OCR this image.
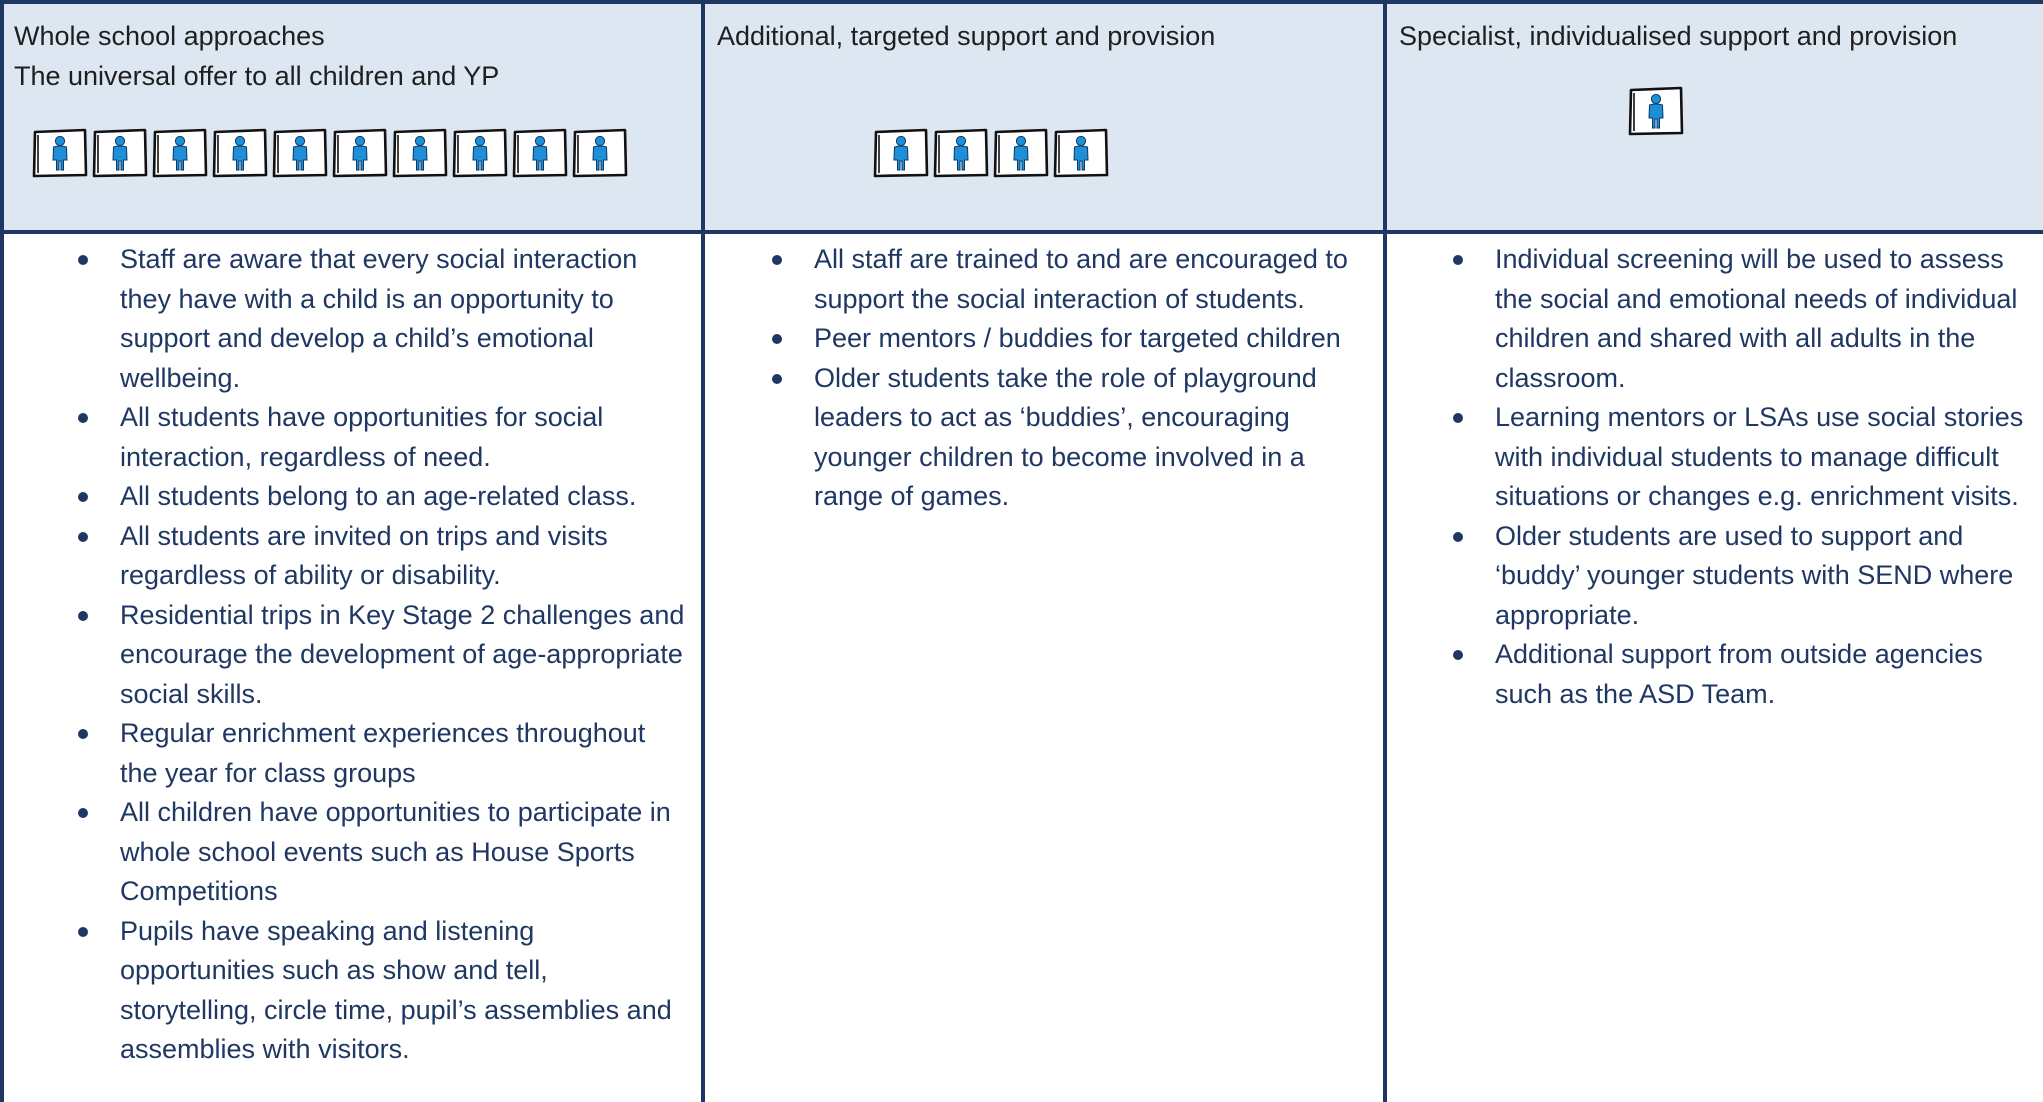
Whole school approaches
The universal offer to all children and YP
Additional, targeted support and provision	Specialist, individualised support and provision
Staff are aware that every social interaction they have with a child is an opportunity to support and develop a child’s emotional wellbeing.
All students have opportunities for social interaction, regardless of need.
All students belong to an age-related class.
All students are invited on trips and visits regardless of ability or disability.
Residential trips in Key Stage 2 challenges and encourage the development of age-appropriate social skills.
Regular enrichment experiences throughout the year for class groups
All children have opportunities to participate in whole school events such as House Sports Competitions
Pupils have speaking and listening opportunities such as show and tell, storytelling, circle time, pupil’s assemblies and assemblies with visitors.
All staff are trained to and are encouraged to support the social interaction of students.
Peer mentors / buddies for targeted children
Older students take the role of playground leaders to act as ‘buddies’, encouraging younger children to become involved in a range of games.
Individual screening will be used to assess the social and emotional needs of individual children and shared with all adults in the classroom.
Learning mentors or LSAs use social stories with individual students to manage difficult situations or changes e.g. enrichment visits.
Older students are used to support and ‘buddy’ younger students with SEND where appropriate.
Additional support from outside agencies such as the ASD Team.
